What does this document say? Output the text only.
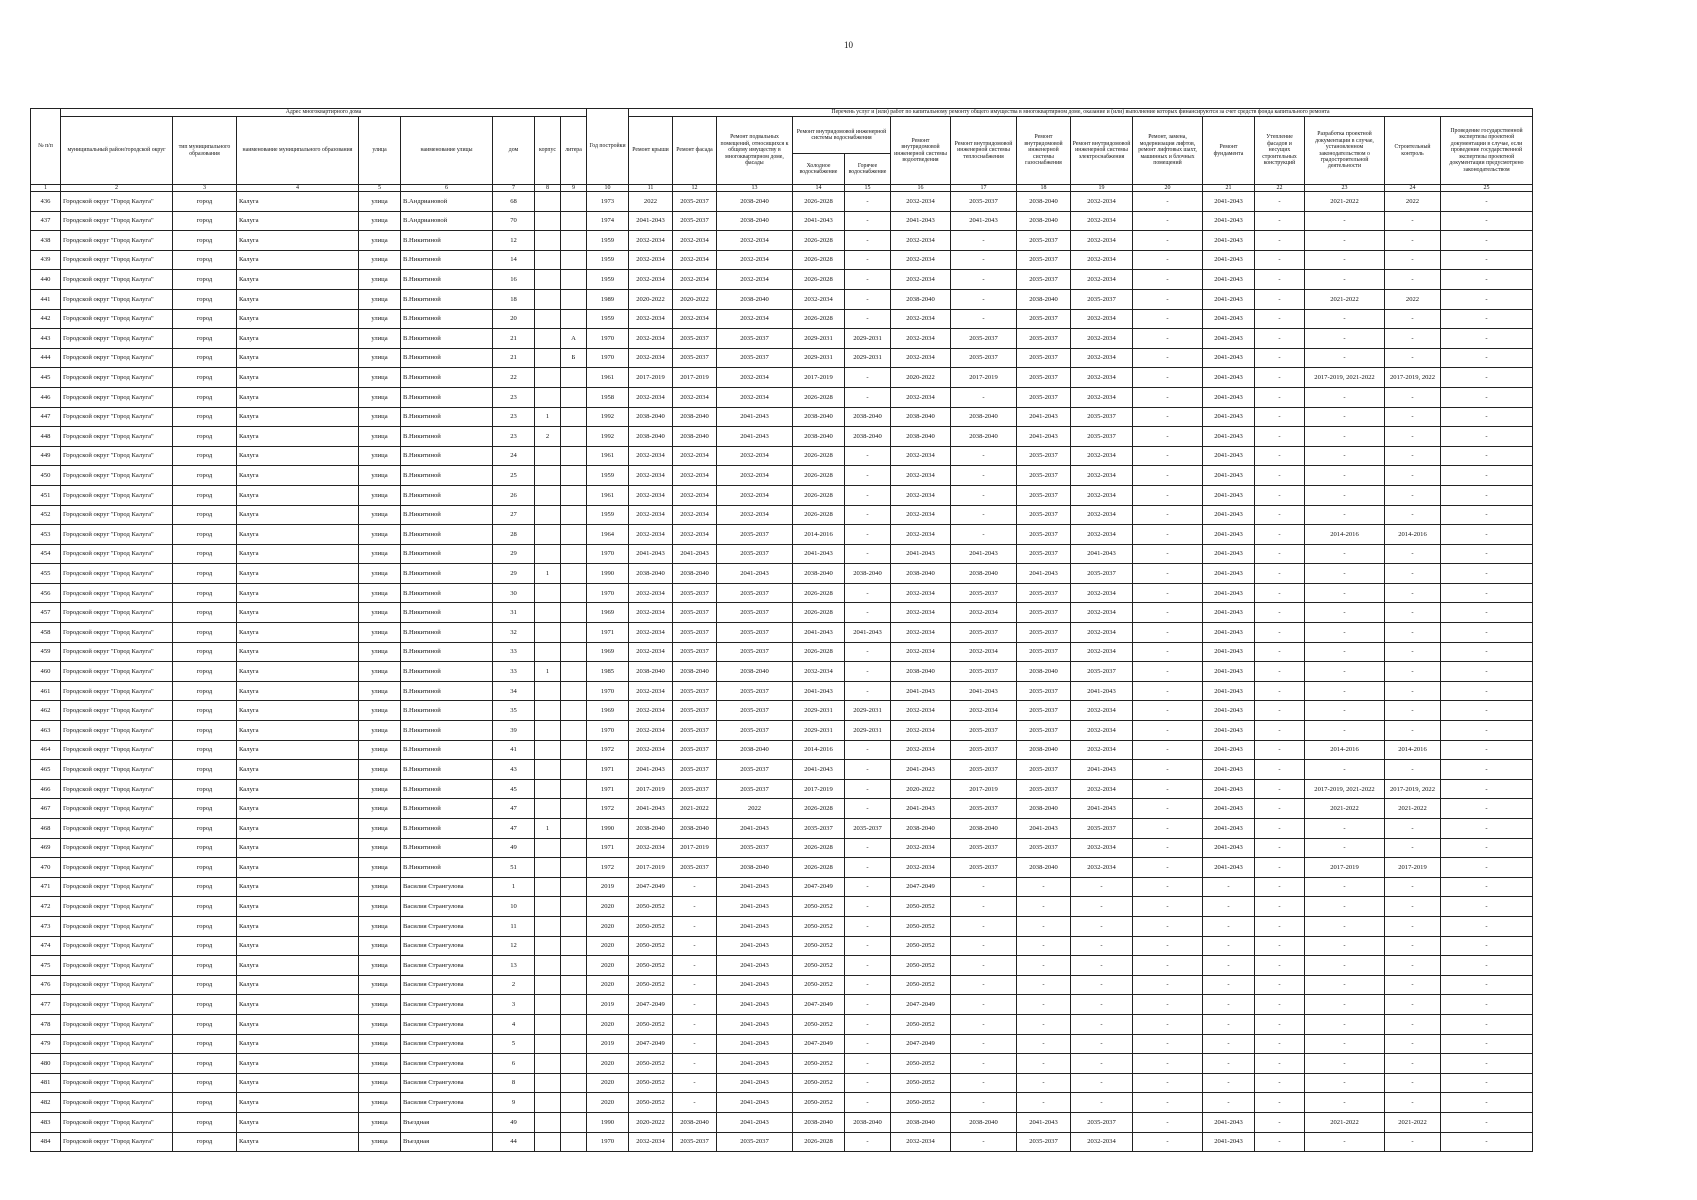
10
№ п/п	Адрес многоквартирного дома								Год постройки	Перечень услуг и (или) работ по капитальному ремонту общего имущества в многоквартирном доме, оказание и (или) выполнение которых финансируются за счет средств фонда капитального ремонта														
	муниципальный район/городской округ	тип муниципального образования	наименование муниципального образования	улица	наименование улицы	дом	корпус	литера		Ремонт крыши	Ремонт фасада	Ремонт подвальных помещений, относящихся к общему имуществу в многоквартирном доме, фасады	Ремонт внутридомовой инженерной системы водоснабжения		Ремонт внутридомовой инженерной системы водоотведения	Ремонт внутридомовой инженерной системы теплоснабжения	Ремонт внутридомовой инженерной системы газоснабжения	Ремонт внутридомовой инженерной системы электроснабжения	Ремонт, замена, модернизация лифтов, ремонт лифтовых шахт, машинных и блочных помещений	Ремонт фундамента	Утепление фасадов и несущих строительных конструкций	Разработка проектной документации в случае, установленном законодательством о градостроительной деятельности	Строительный контроль	Проведение государственной экспертизы проектной документации в случае, если проведение государственной экспертизы проектной документации предусмотрено законодательством
													Холодное водоснабжение	Горячее водоснабжение										
1	2	3	4	5	6	7	8	9	10	11	12	13	14	15	16	17	18	19	20	21	22	23	24	25
436	Городской округ "Город Калуга"	город	Калуга	улица	В.Андриановой	68			1973	2022	2035-2037	2038-2040	2026-2028	-	2032-2034	2035-2037	2038-2040	2032-2034	-	2041-2043	-	2021-2022	2022	-
437	Городской округ "Город Калуга"	город	Калуга	улица	В.Андриановой	70			1974	2041-2043	2035-2037	2038-2040	2041-2043	-	2041-2043	2041-2043	2038-2040	2032-2034	-	2041-2043	-	-	-	-
438	Городской округ "Город Калуга"	город	Калуга	улица	В.Никитиной	12			1959	2032-2034	2032-2034	2032-2034	2026-2028	-	2032-2034	-	2035-2037	2032-2034	-	2041-2043	-	-	-	-
439	Городской округ "Город Калуга"	город	Калуга	улица	В.Никитиной	14			1959	2032-2034	2032-2034	2032-2034	2026-2028	-	2032-2034	-	2035-2037	2032-2034	-	2041-2043	-	-	-	-
440	Городской округ "Город Калуга"	город	Калуга	улица	В.Никитиной	16			1959	2032-2034	2032-2034	2032-2034	2026-2028	-	2032-2034	-	2035-2037	2032-2034	-	2041-2043	-	-	-	-
441	Городской округ "Город Калуга"	город	Калуга	улица	В.Никитиной	18			1989	2020-2022	2020-2022	2038-2040	2032-2034	-	2038-2040	-	2038-2040	2035-2037	-	2041-2043	-	2021-2022	2022	-
442	Городской округ "Город Калуга"	город	Калуга	улица	В.Никитиной	20			1959	2032-2034	2032-2034	2032-2034	2026-2028	-	2032-2034	-	2035-2037	2032-2034	-	2041-2043	-	-	-	-
443	Городской округ "Город Калуга"	город	Калуга	улица	В.Никитиной	21		А	1970	2032-2034	2035-2037	2035-2037	2029-2031	2029-2031	2032-2034	2035-2037	2035-2037	2032-2034	-	2041-2043	-	-	-	-
444	Городской округ "Город Калуга"	город	Калуга	улица	В.Никитиной	21		Б	1970	2032-2034	2035-2037	2035-2037	2029-2031	2029-2031	2032-2034	2035-2037	2035-2037	2032-2034	-	2041-2043	-	-	-	-
445	Городской округ "Город Калуга"	город	Калуга	улица	В.Никитиной	22			1961	2017-2019	2017-2019	2032-2034	2017-2019	-	2020-2022	2017-2019	2035-2037	2032-2034	-	2041-2043	-	2017-2019, 2021-2022	2017-2019, 2022	-
446	Городской округ "Город Калуга"	город	Калуга	улица	В.Никитиной	23			1958	2032-2034	2032-2034	2032-2034	2026-2028	-	2032-2034	-	2035-2037	2032-2034	-	2041-2043	-	-	-	-
447	Городской округ "Город Калуга"	город	Калуга	улица	В.Никитиной	23	1		1992	2038-2040	2038-2040	2041-2043	2038-2040	2038-2040	2038-2040	2038-2040	2041-2043	2035-2037	-	2041-2043	-	-	-	-
448	Городской округ "Город Калуга"	город	Калуга	улица	В.Никитиной	23	2		1992	2038-2040	2038-2040	2041-2043	2038-2040	2038-2040	2038-2040	2038-2040	2041-2043	2035-2037	-	2041-2043	-	-	-	-
449	Городской округ "Город Калуга"	город	Калуга	улица	В.Никитиной	24			1961	2032-2034	2032-2034	2032-2034	2026-2028	-	2032-2034	-	2035-2037	2032-2034	-	2041-2043	-	-	-	-
450	Городской округ "Город Калуга"	город	Калуга	улица	В.Никитиной	25			1959	2032-2034	2032-2034	2032-2034	2026-2028	-	2032-2034	-	2035-2037	2032-2034	-	2041-2043	-	-	-	-
451	Городской округ "Город Калуга"	город	Калуга	улица	В.Никитиной	26			1961	2032-2034	2032-2034	2032-2034	2026-2028	-	2032-2034	-	2035-2037	2032-2034	-	2041-2043	-	-	-	-
452	Городской округ "Город Калуга"	город	Калуга	улица	В.Никитиной	27			1959	2032-2034	2032-2034	2032-2034	2026-2028	-	2032-2034	-	2035-2037	2032-2034	-	2041-2043	-	-	-	-
453	Городской округ "Город Калуга"	город	Калуга	улица	В.Никитиной	28			1964	2032-2034	2032-2034	2035-2037	2014-2016	-	2032-2034	-	2035-2037	2032-2034	-	2041-2043	-	2014-2016	2014-2016	-
454	Городской округ "Город Калуга"	город	Калуга	улица	В.Никитиной	29			1970	2041-2043	2041-2043	2035-2037	2041-2043	-	2041-2043	2041-2043	2035-2037	2041-2043	-	2041-2043	-	-	-	-
455	Городской округ "Город Калуга"	город	Калуга	улица	В.Никитиной	29	1		1990	2038-2040	2038-2040	2041-2043	2038-2040	2038-2040	2038-2040	2038-2040	2041-2043	2035-2037	-	2041-2043	-	-	-	-
456	Городской округ "Город Калуга"	город	Калуга	улица	В.Никитиной	30			1970	2032-2034	2035-2037	2035-2037	2026-2028	-	2032-2034	2035-2037	2035-2037	2032-2034	-	2041-2043	-	-	-	-
457	Городской округ "Город Калуга"	город	Калуга	улица	В.Никитиной	31			1969	2032-2034	2035-2037	2035-2037	2026-2028	-	2032-2034	2032-2034	2035-2037	2032-2034	-	2041-2043	-	-	-	-
458	Городской округ "Город Калуга"	город	Калуга	улица	В.Никитиной	32			1971	2032-2034	2035-2037	2035-2037	2041-2043	2041-2043	2032-2034	2035-2037	2035-2037	2032-2034	-	2041-2043	-	-	-	-
459	Городской округ "Город Калуга"	город	Калуга	улица	В.Никитиной	33			1969	2032-2034	2035-2037	2035-2037	2026-2028	-	2032-2034	2032-2034	2035-2037	2032-2034	-	2041-2043	-	-	-	-
460	Городской округ "Город Калуга"	город	Калуга	улица	В.Никитиной	33	1		1985	2038-2040	2038-2040	2038-2040	2032-2034	-	2038-2040	2035-2037	2038-2040	2035-2037	-	2041-2043	-	-	-	-
461	Городской округ "Город Калуга"	город	Калуга	улица	В.Никитиной	34			1970	2032-2034	2035-2037	2035-2037	2041-2043	-	2041-2043	2041-2043	2035-2037	2041-2043	-	2041-2043	-	-	-	-
462	Городской округ "Город Калуга"	город	Калуга	улица	В.Никитиной	35			1969	2032-2034	2035-2037	2035-2037	2029-2031	2029-2031	2032-2034	2032-2034	2035-2037	2032-2034	-	2041-2043	-	-	-	-
463	Городской округ "Город Калуга"	город	Калуга	улица	В.Никитиной	39			1970	2032-2034	2035-2037	2035-2037	2029-2031	2029-2031	2032-2034	2035-2037	2035-2037	2032-2034	-	2041-2043	-	-	-	-
464	Городской округ "Город Калуга"	город	Калуга	улица	В.Никитиной	41			1972	2032-2034	2035-2037	2038-2040	2014-2016	-	2032-2034	2035-2037	2038-2040	2032-2034	-	2041-2043	-	2014-2016	2014-2016	-
465	Городской округ "Город Калуга"	город	Калуга	улица	В.Никитиной	43			1971	2041-2043	2035-2037	2035-2037	2041-2043	-	2041-2043	2035-2037	2035-2037	2041-2043	-	2041-2043	-	-	-	-
466	Городской округ "Город Калуга"	город	Калуга	улица	В.Никитиной	45			1971	2017-2019	2035-2037	2035-2037	2017-2019	-	2020-2022	2017-2019	2035-2037	2032-2034	-	2041-2043	-	2017-2019, 2021-2022	2017-2019, 2022	-
467	Городской округ "Город Калуга"	город	Калуга	улица	В.Никитиной	47			1972	2041-2043	2021-2022	2022	2026-2028	-	2041-2043	2035-2037	2038-2040	2041-2043	-	2041-2043	-	2021-2022	2021-2022	-
468	Городской округ "Город Калуга"	город	Калуга	улица	В.Никитиной	47	1		1990	2038-2040	2038-2040	2041-2043	2035-2037	2035-2037	2038-2040	2038-2040	2041-2043	2035-2037	-	2041-2043	-	-	-	-
469	Городской округ "Город Калуга"	город	Калуга	улица	В.Никитиной	49			1971	2032-2034	2017-2019	2035-2037	2026-2028	-	2032-2034	2035-2037	2035-2037	2032-2034	-	2041-2043	-	-	-	-
470	Городской округ "Город Калуга"	город	Калуга	улица	В.Никитиной	51			1972	2017-2019	2035-2037	2038-2040	2026-2028	-	2032-2034	2035-2037	2038-2040	2032-2034	-	2041-2043	-	2017-2019	2017-2019	-
471	Городской округ "Город Калуга"	город	Калуга	улица	Василия Странгулова	1			2019	2047-2049	-	2041-2043	2047-2049	-	2047-2049	-	-	-	-	-	-	-	-	-
472	Городской округ "Город Калуга"	город	Калуга	улица	Василия Странгулова	10			2020	2050-2052	-	2041-2043	2050-2052	-	2050-2052	-	-	-	-	-	-	-	-	-
473	Городской округ "Город Калуга"	город	Калуга	улица	Василия Странгулова	11			2020	2050-2052	-	2041-2043	2050-2052	-	2050-2052	-	-	-	-	-	-	-	-	-
474	Городской округ "Город Калуга"	город	Калуга	улица	Василия Странгулова	12			2020	2050-2052	-	2041-2043	2050-2052	-	2050-2052	-	-	-	-	-	-	-	-	-
475	Городской округ "Город Калуга"	город	Калуга	улица	Василия Странгулова	13			2020	2050-2052	-	2041-2043	2050-2052	-	2050-2052	-	-	-	-	-	-	-	-	-
476	Городской округ "Город Калуга"	город	Калуга	улица	Василия Странгулова	2			2020	2050-2052	-	2041-2043	2050-2052	-	2050-2052	-	-	-	-	-	-	-	-	-
477	Городской округ "Город Калуга"	город	Калуга	улица	Василия Странгулова	3			2019	2047-2049	-	2041-2043	2047-2049	-	2047-2049	-	-	-	-	-	-	-	-	-
478	Городской округ "Город Калуга"	город	Калуга	улица	Василия Странгулова	4			2020	2050-2052	-	2041-2043	2050-2052	-	2050-2052	-	-	-	-	-	-	-	-	-
479	Городской округ "Город Калуга"	город	Калуга	улица	Василия Странгулова	5			2019	2047-2049	-	2041-2043	2047-2049	-	2047-2049	-	-	-	-	-	-	-	-	-
480	Городской округ "Город Калуга"	город	Калуга	улица	Василия Странгулова	6			2020	2050-2052	-	2041-2043	2050-2052	-	2050-2052	-	-	-	-	-	-	-	-	-
481	Городской округ "Город Калуга"	город	Калуга	улица	Василия Странгулова	8			2020	2050-2052	-	2041-2043	2050-2052	-	2050-2052	-	-	-	-	-	-	-	-	-
482	Городской округ "Город Калуга"	город	Калуга	улица	Василия Странгулова	9			2020	2050-2052	-	2041-2043	2050-2052	-	2050-2052	-	-	-	-	-	-	-	-	-
483	Городской округ "Город Калуга"	город	Калуга	улица	Въездная	49			1990	2020-2022	2038-2040	2041-2043	2038-2040	2038-2040	2038-2040	2038-2040	2041-2043	2035-2037	-	2041-2043	-	2021-2022	2021-2022	-
484	Городской округ "Город Калуга"	город	Калуга	улица	Въездная	44			1970	2032-2034	2035-2037	2035-2037	2026-2028	-	2032-2034	-	2035-2037	2032-2034	-	2041-2043	-	-	-	-
